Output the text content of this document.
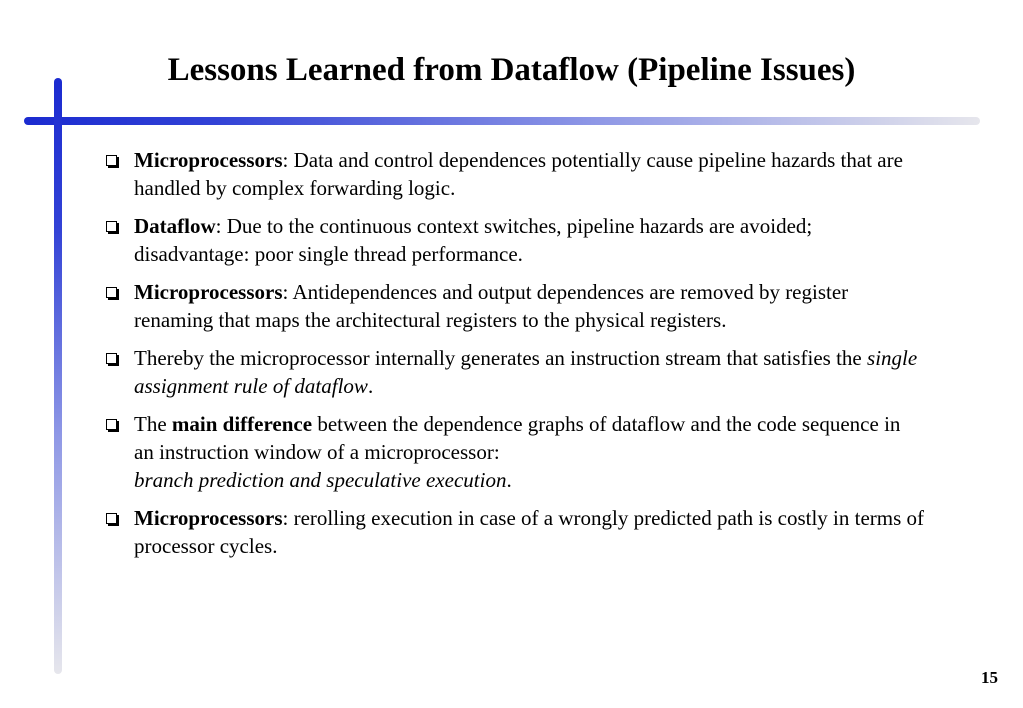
Lessons Learned from Dataflow (Pipeline Issues)
Microprocessors: Data and control dependences potentially cause pipeline hazards that are handled by complex forwarding logic.
Dataflow: Due to the continuous context switches, pipeline hazards are avoided; disadvantage: poor single thread performance.
Microprocessors: Antidependences and output dependences are removed by register renaming that maps the architectural registers to the physical registers.
Thereby the microprocessor internally generates an instruction stream that satisfies the single assignment rule of dataflow.
The main difference between the dependence graphs of dataflow and the code sequence in an instruction window of a microprocessor:
branch prediction and speculative execution.
Microprocessors: rerolling execution in case of a wrongly predicted path is costly in terms of processor cycles.
15
